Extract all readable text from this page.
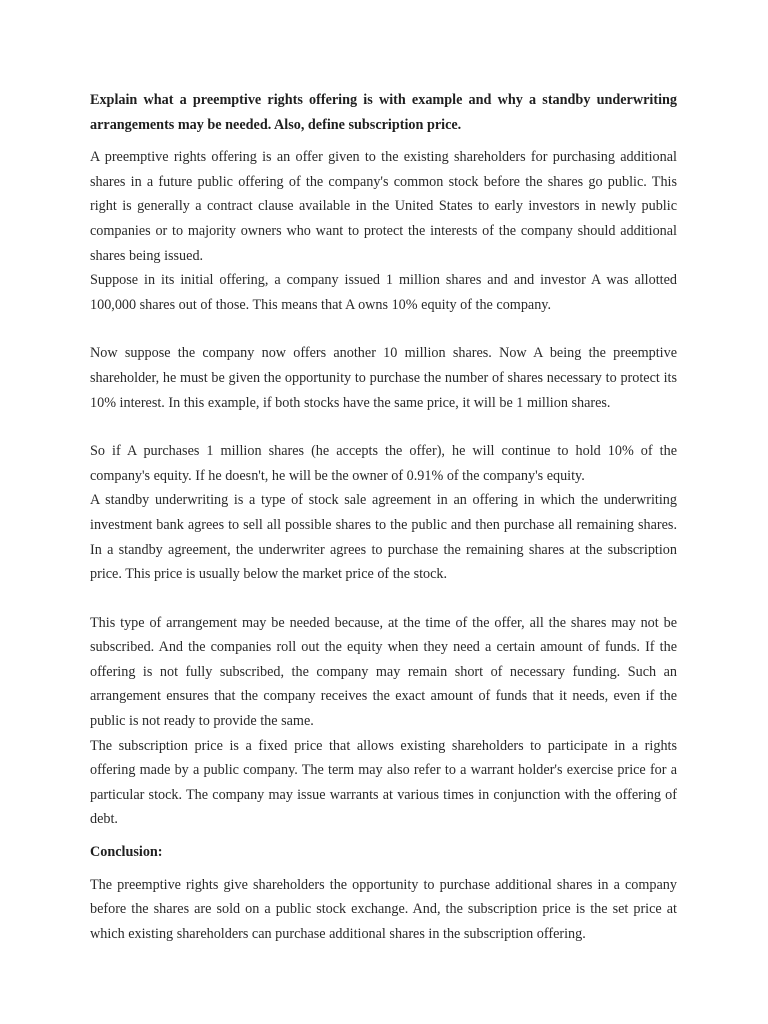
Explain what a preemptive rights offering is with example and why a standby underwriting arrangements may be needed. Also, define subscription price.

A preemptive rights offering is an offer given to the existing shareholders for purchasing additional shares in a future public offering of the company's common stock before the shares go public. This right is generally a contract clause available in the United States to early investors in newly public companies or to majority owners who want to protect the interests of the company should additional shares being issued.

Suppose in its initial offering, a company issued 1 million shares and and investor A was allotted 100,000 shares out of those. This means that A owns 10% equity of the company.

Now suppose the company now offers another 10 million shares. Now A being the preemptive shareholder, he must be given the opportunity to purchase the number of shares necessary to protect its 10% interest. In this example, if both stocks have the same price, it will be 1 million shares.

So if A purchases 1 million shares (he accepts the offer), he will continue to hold 10% of the company's equity. If he doesn't, he will be the owner of 0.91% of the company's equity.

A standby underwriting is a type of stock sale agreement in an offering in which the underwriting investment bank agrees to sell all possible shares to the public and then purchase all remaining shares. In a standby agreement, the underwriter agrees to purchase the remaining shares at the subscription price. This price is usually below the market price of the stock.

This type of arrangement may be needed because, at the time of the offer, all the shares may not be subscribed. And the companies roll out the equity when they need a certain amount of funds. If the offering is not fully subscribed, the company may remain short of necessary funding. Such an arrangement ensures that the company receives the exact amount of funds that it needs, even if the public is not ready to provide the same.

The subscription price is a fixed price that allows existing shareholders to participate in a rights offering made by a public company. The term may also refer to a warrant holder's exercise price for a particular stock. The company may issue warrants at various times in conjunction with the offering of debt.

Conclusion:

The preemptive rights give shareholders the opportunity to purchase additional shares in a company before the shares are sold on a public stock exchange. And, the subscription price is the set price at which existing shareholders can purchase additional shares in the subscription offering.
